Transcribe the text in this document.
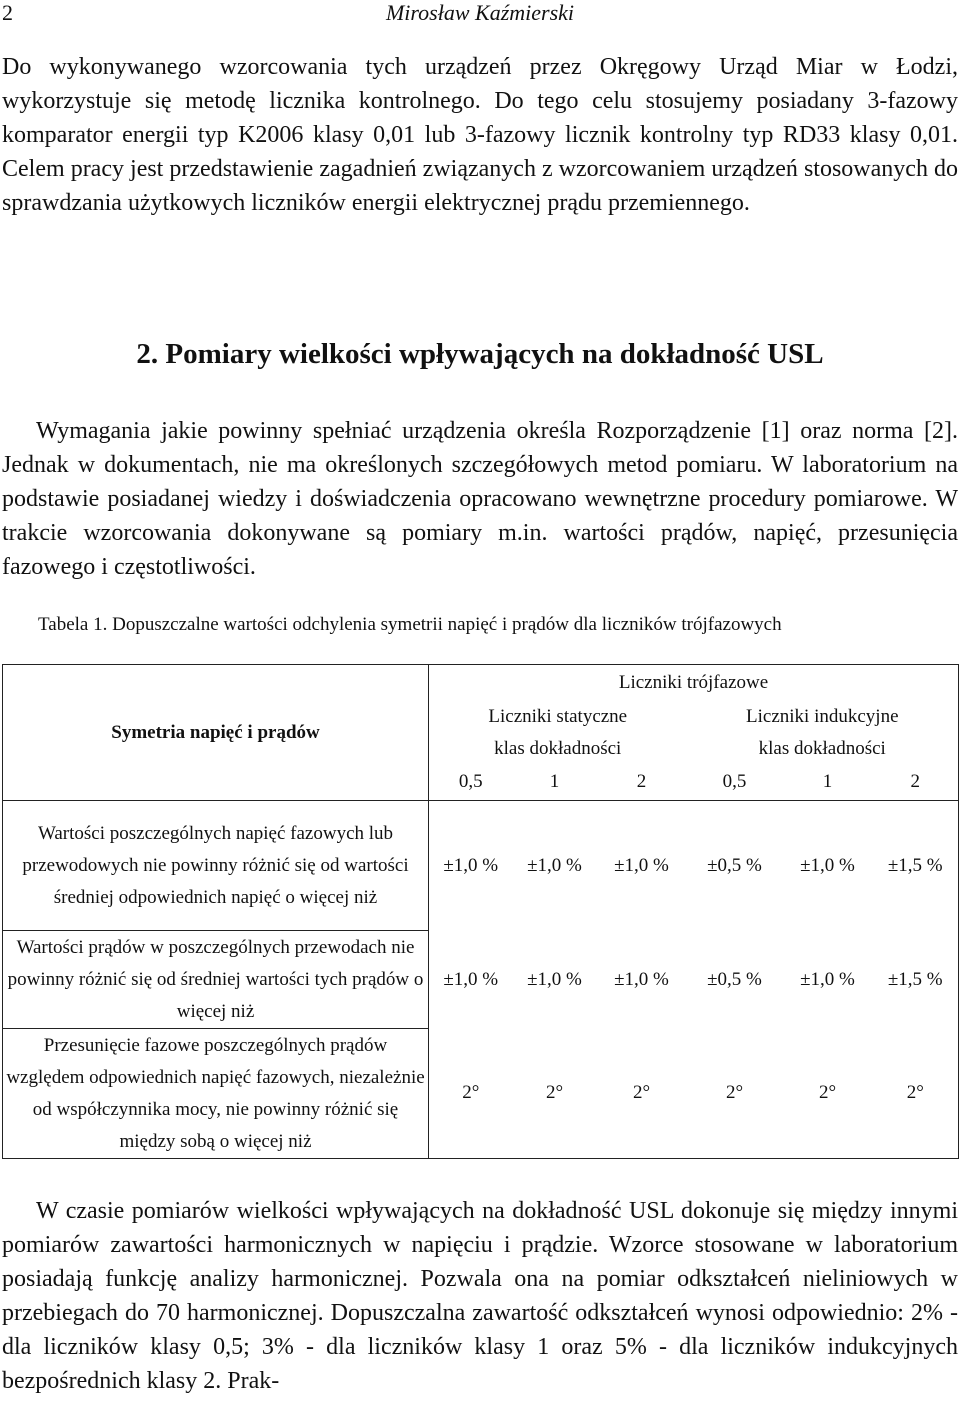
2	Mirosław Kaźmierski

Do wykonywanego wzorcowania tych urządzeń przez Okręgowy Urząd Miar w Łodzi, wykorzystuje się metodę licznika kontrolnego. Do tego celu stosujemy posiadany 3-fazowy komparator energii typ K2006 klasy 0,01 lub 3-fazowy licznik kontrolny typ RD33 klasy 0,01. Celem pracy jest przedstawienie zagadnień związanych z wzorcowaniem urządzeń stosowanych do sprawdzania użytkowych liczników energii elektrycznej prądu przemiennego.

2. Pomiary wielkości wpływających na dokładność USL

Wymagania jakie powinny spełniać urządzenia określa Rozporządzenie [1] oraz norma [2]. Jednak w dokumentach, nie ma określonych szczegółowych metod pomiaru. W laboratorium na podstawie posiadanej wiedzy i doświadczenia opracowano wewnętrzne procedury pomiarowe. W trakcie wzorcowania dokonywane są pomiary m.in. wartości prądów, napięć, przesunięcia fazowego i częstotliwości.

Tabela 1. Dopuszczalne wartości odchylenia symetrii napięć i prądów dla liczników trójfazowych
Symetria napięć i prądów	Liczniki trójfazowe					

	Liczniki statyczne
klas dokładności			Liczniki indukcyjne
klas dokładności		

	0,5	1	2	0,5	1	2
Wartości poszczególnych napięć fazowych lub przewodowych nie powinny różnić się od wartości średniej odpowiednich napięć o więcej niż	±1,0 %	±1,0 %	±1,0 %	±0,5 %	±1,0 %	±1,5 %
Wartości prądów w poszczególnych przewodach nie powinny różnić się od średniej wartości tych prądów o więcej niż	±1,0 %	±1,0 %	±1,0 %	±0,5 %	±1,0 %	±1,5 %
Przesunięcie fazowe poszczególnych prądów względem odpowiednich napięć fazowych, niezależnie od współczynnika mocy, nie powinny różnić się między sobą o więcej niż	2°	2°	2°	2°	2°	2°

W czasie pomiarów wielkości wpływających na dokładność USL dokonuje się między innymi pomiarów zawartości harmonicznych w napięciu i prądzie. Wzorce stosowane w laboratorium posiadają funkcję analizy harmonicznej. Pozwala ona na pomiar odkształceń nieliniowych w przebiegach do 70 harmonicznej. Dopuszczalna zawartość odkształceń wynosi odpowiednio: 2% - dla liczników klasy 0,5; 3% - dla liczników klasy 1 oraz 5% - dla liczników indukcyjnych bezpośrednich klasy 2. Prak-
